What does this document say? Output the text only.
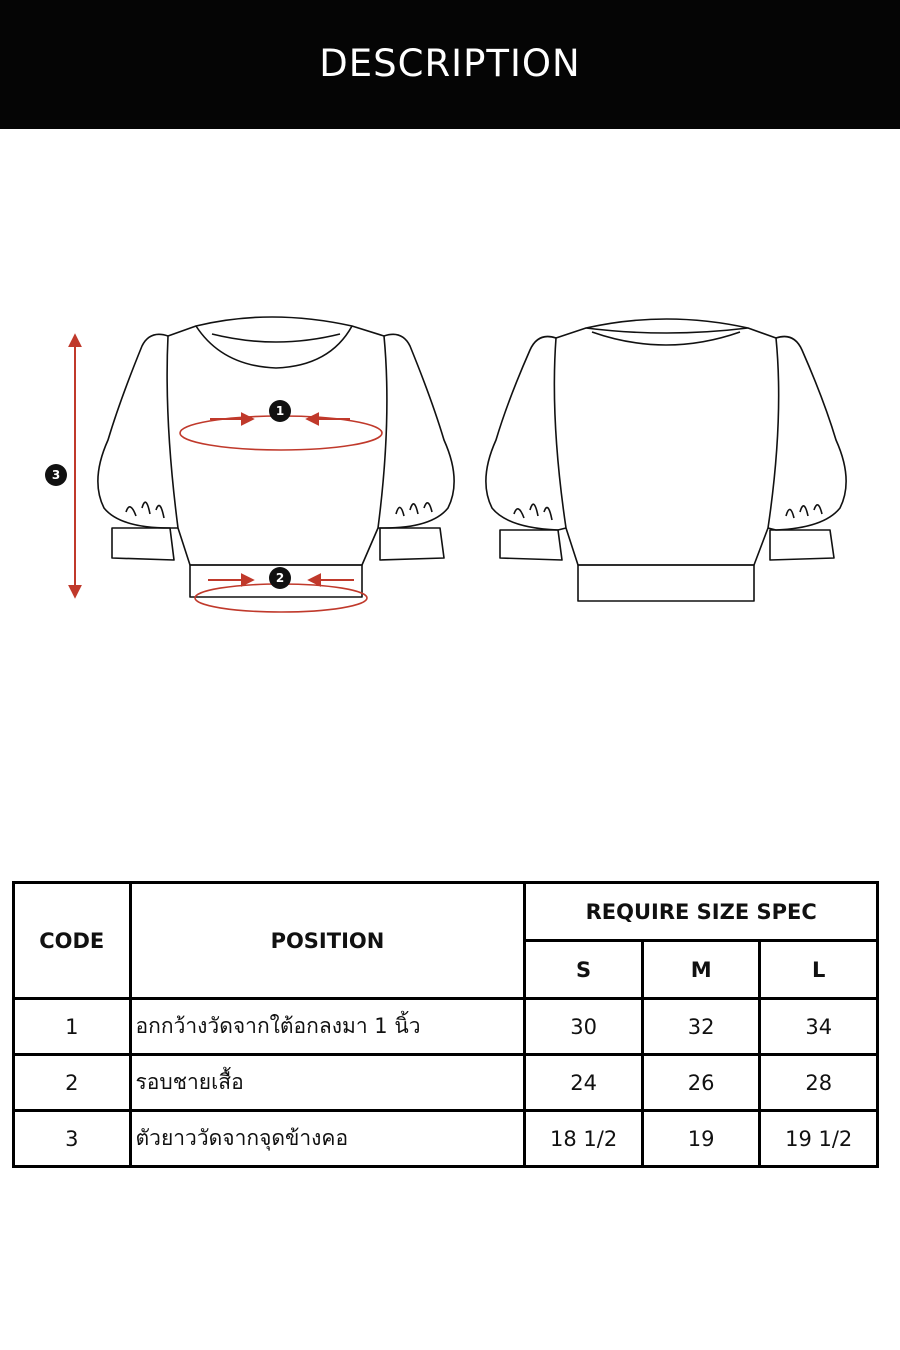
DESCRIPTION
1
2
3
CODE	POSITION	REQUIRE SIZE SPEC		
		S	M	L
1	อกกว้างวัดจากใต้อกลงมา 1 นิ้ว	30	32	34
2	รอบชายเสื้อ	24	26	28
3	ตัวยาววัดจากจุดข้างคอ	18 1/2	19	19 1/2
